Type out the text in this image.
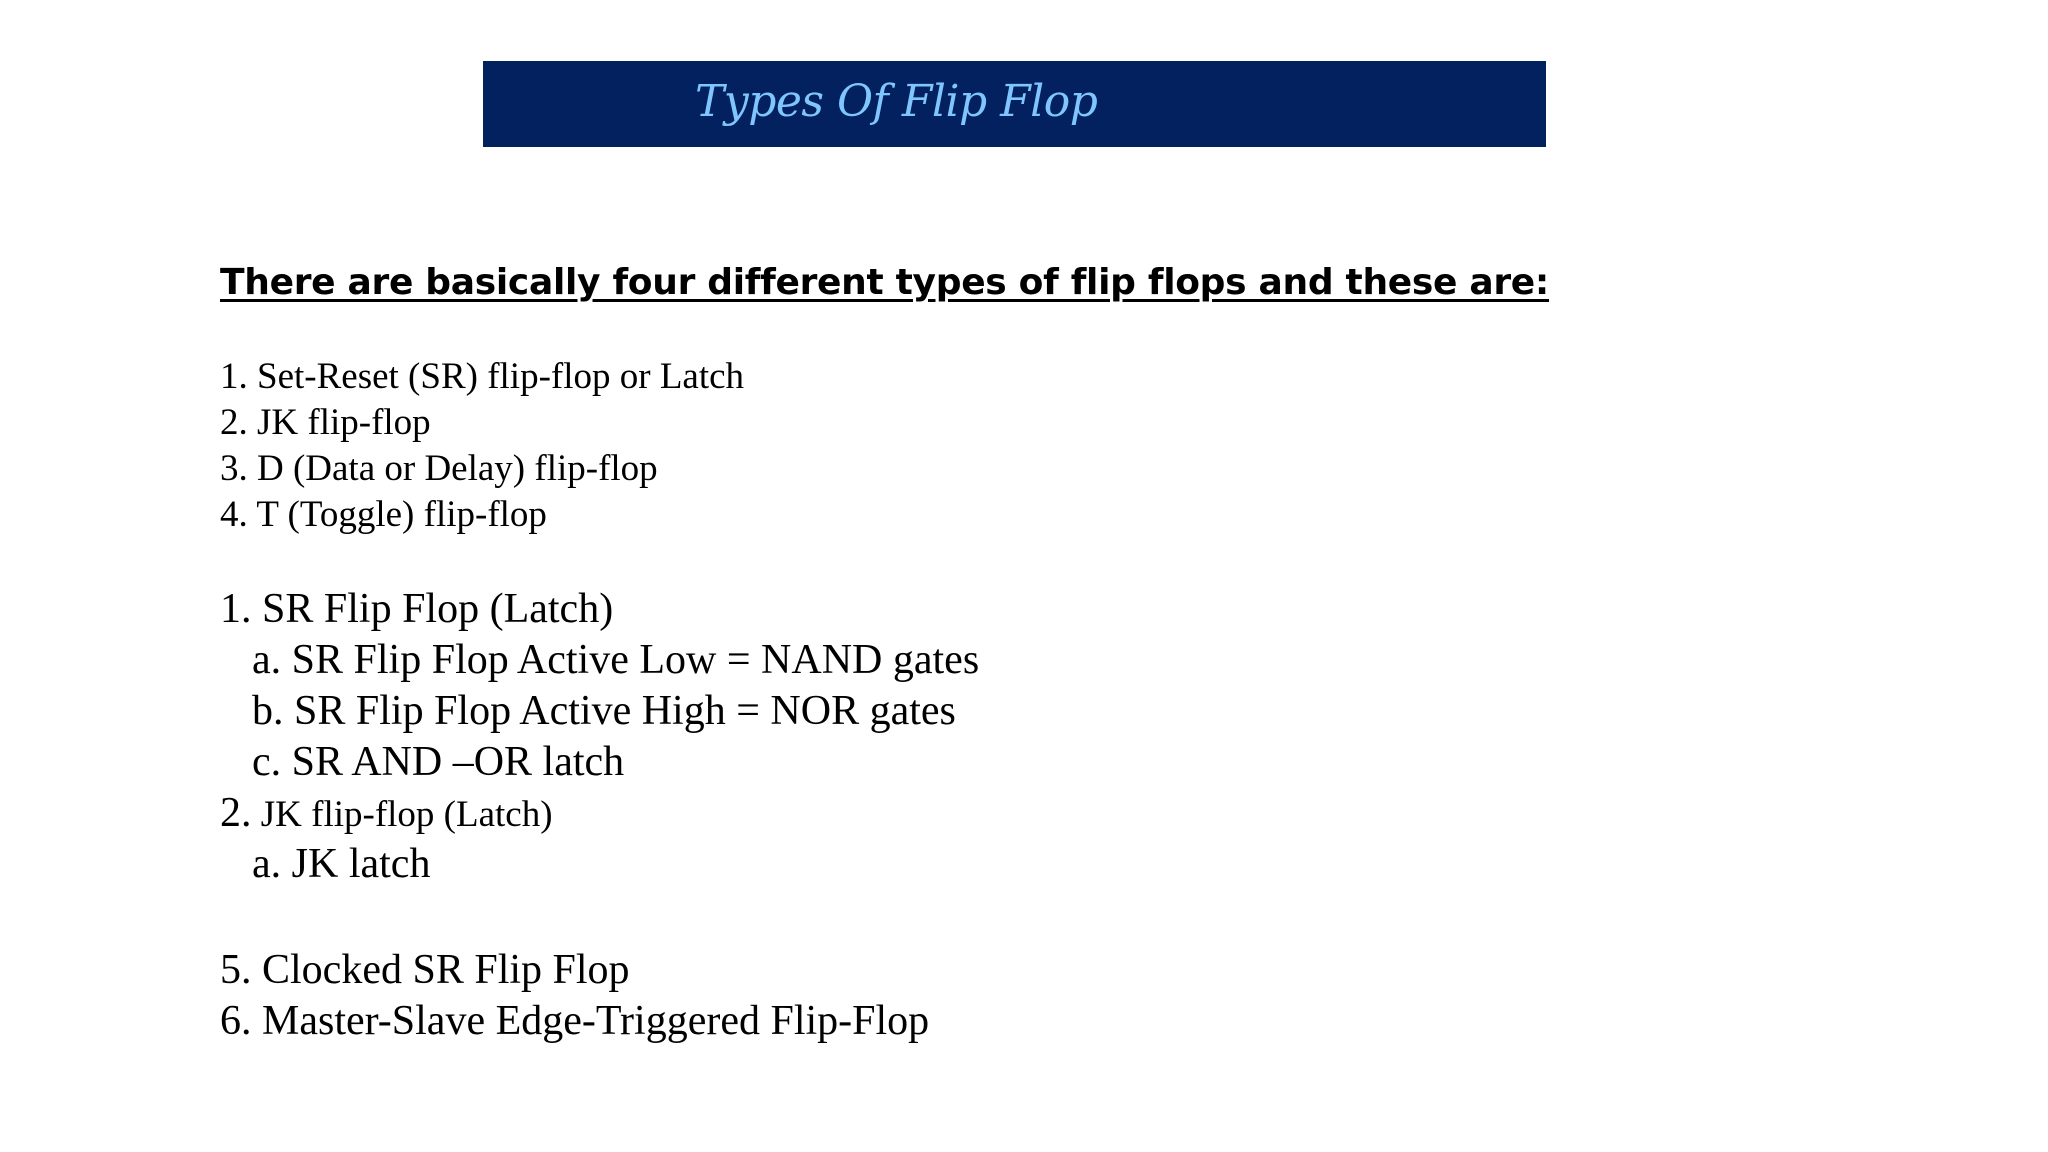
Types Of Flip Flop
There are basically four different types of flip flops and these are:
1. Set-Reset (SR) flip-flop or Latch
2. JK flip-flop
3. D (Data or Delay) flip-flop
4. T (Toggle) flip-flop
1. SR Flip Flop (Latch)
a. SR Flip Flop Active Low = NAND gates
b. SR Flip Flop Active High = NOR gates
c. SR AND –OR latch
2. JK flip-flop (Latch)
a. JK latch
5. Clocked SR Flip Flop
6. Master-Slave Edge-Triggered Flip-Flop
